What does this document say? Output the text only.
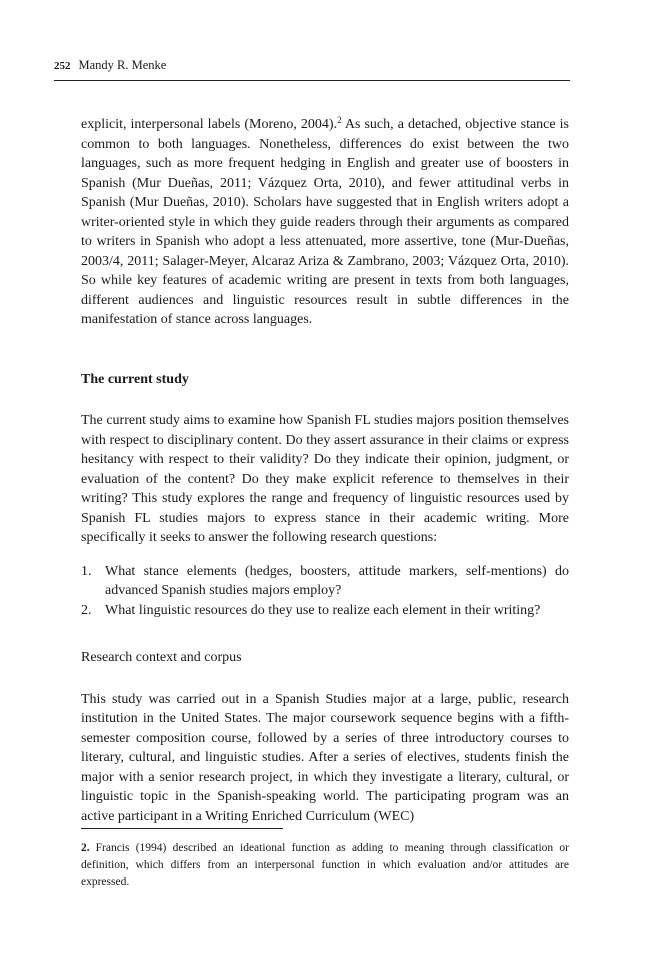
252 Mandy R. Menke

explicit, interpersonal labels (Moreno, 2004).$^2$ As such, a detached, objective stance is common to both languages. Nonetheless, differences do exist between the two languages, such as more frequent hedging in English and greater use of boosters in Spanish (Mur Dueñas, 2011; Vázquez Orta, 2010), and fewer attitudinal verbs in Spanish (Mur Dueñas, 2010). Scholars have suggested that in English writers adopt a writer-oriented style in which they guide readers through their arguments as compared to writers in Spanish who adopt a less attenuated, more assertive, tone (Mur-Dueñas, 2003/4, 2011; Salager-Meyer, Alcaraz Ariza & Zambrano, 2003; Vázquez Orta, 2010). So while key features of academic writing are present in texts from both languages, different audiences and linguistic resources result in subtle differences in the manifestation of stance across languages.

The current study

The current study aims to examine how Spanish FL studies majors position themselves with respect to disciplinary content. Do they assert assurance in their claims or express hesitancy with respect to their validity? Do they indicate their opinion, judgment, or evaluation of the content? Do they make explicit reference to themselves in their writing? This study explores the range and frequency of linguistic resources used by Spanish FL studies majors to express stance in their academic writing. More specifically it seeks to answer the following research questions:

1. What stance elements (hedges, boosters, attitude markers, self-mentions) do advanced Spanish studies majors employ?
2. What linguistic resources do they use to realize each element in their writing?
Research context and corpus

This study was carried out in a Spanish Studies major at a large, public, research institution in the United States. The major coursework sequence begins with a fifth-semester composition course, followed by a series of three introductory courses to literary, cultural, and linguistic studies. After a series of electives, students finish the major with a senior research project, in which they investigate a literary, cultural, or linguistic topic in the Spanish-speaking world. The participating program was an active participant in a Writing Enriched Curriculum (WEC)

2. Francis (1994) described an ideational function as adding to meaning through classification or definition, which differs from an interpersonal function in which evaluation and/or attitudes are expressed.
